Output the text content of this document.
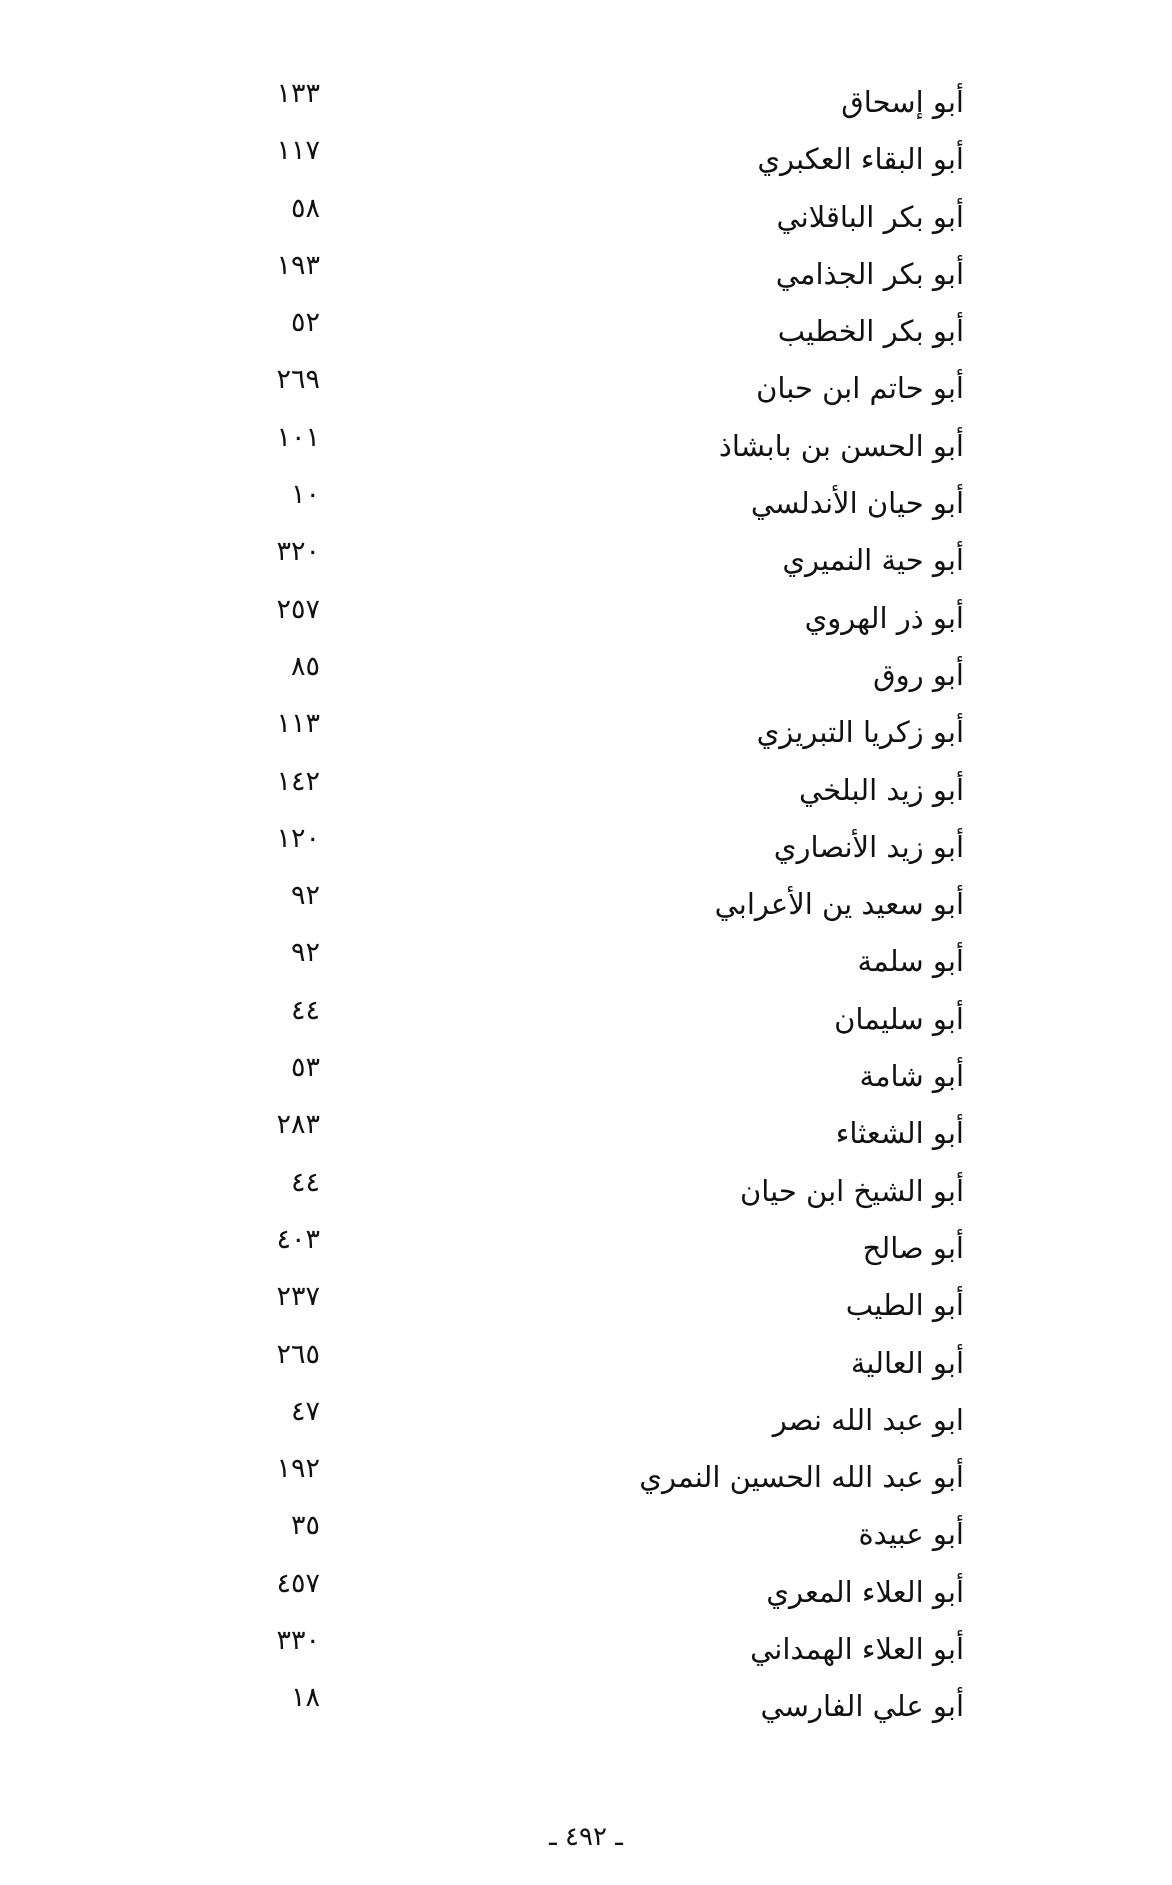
أبو إسحاق
١٣٣
أبو البقاء العكبري
١١٧
أبو بكر الباقلاني
٥٨
أبو بكر الجذامي
١٩٣
أبو بكر الخطيب
٥٢
أبو حاتم ابن حبان
٢٦٩
أبو الحسن بن بابشاذ
١٠١
أبو حيان الأندلسي
١٠
أبو حية النميري
٣٢٠
أبو ذر الهروي
٢٥٧
أبو روق
٨٥
أبو زكريا التبريزي
١١٣
أبو زيد البلخي
١٤٢
أبو زيد الأنصاري
١٢٠
أبو سعيد ين الأعرابي
٩٢
أبو سلمة
٩٢
أبو سليمان
٤٤
أبو شامة
٥٣
أبو الشعثاء
٢٨٣
أبو الشيخ ابن حيان
٤٤
أبو صالح
٤٠٣
أبو الطيب
٢٣٧
أبو العالية
٢٦٥
ابو عبد الله نصر
٤٧
أبو عبد الله الحسين النمري
١٩٢
أبو عبيدة
٣٥
أبو العلاء المعري
٤٥٧
أبو العلاء الهمداني
٣٣٠
أبو علي الفارسي
١٨
ـ ٤٩٢ ـ
